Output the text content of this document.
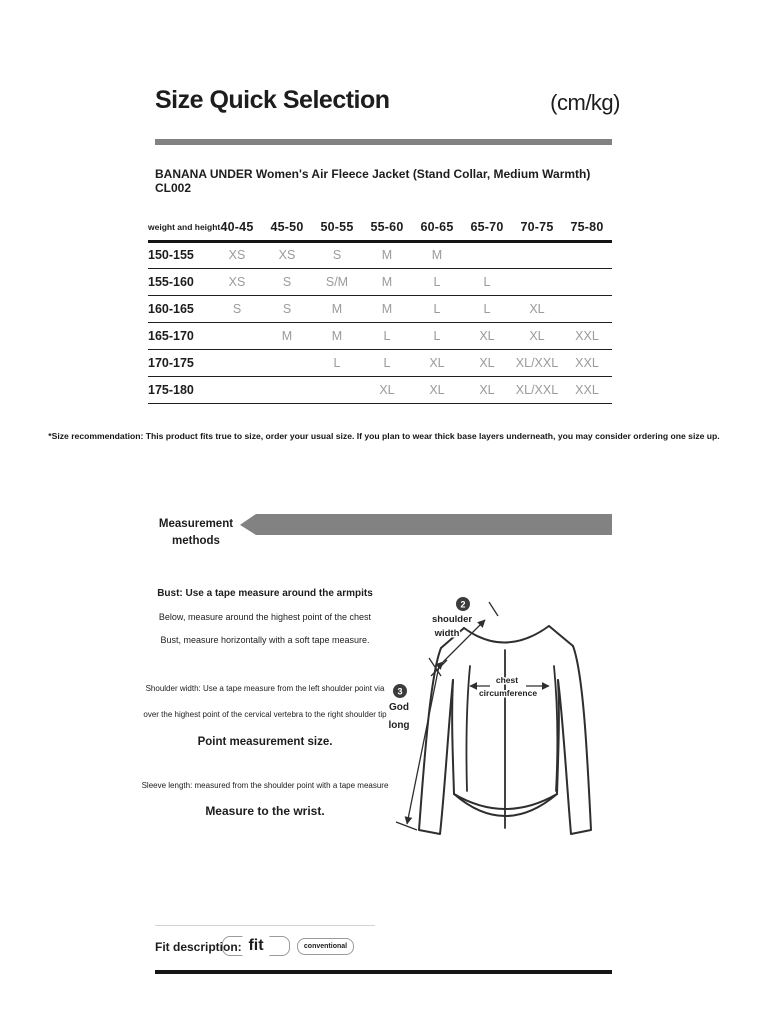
Size Quick Selection	(cm/kg)
BANANA UNDER Women's Air Fleece Jacket (Stand Collar, Medium Warmth) CL002
weight and height	40-45	45-50	50-55	55-60	60-65	65-70	70-75	75-80
150-155	XS	XS	S	M	M			
155-160	XS	S	S/M	M	L	L		
160-165	S	S	M	M	L	L	XL	
165-170		M	M	L	L	XL	XL	XXL
170-175			L	L	XL	XL	XL/XXL	XXL
175-180				XL	XL	XL	XL/XXL	XXL
*Size recommendation: This product fits true to size, order your usual size. If you plan to wear thick base layers underneath, you may consider ordering one size up.
Measurement
methods
Bust: Use a tape measure around the armpits
Below, measure around the highest point of the chest
Bust, measure horizontally with a soft tape measure.
Shoulder width: Use a tape measure from the left shoulder point via
over the highest point of the cervical vertebra to the right shoulder tip
Point measurement size.
Sleeve length: measured from the shoulder point with a tape measure
Measure to the wrist.
2
shoulder
width
3
God
long
chest
circumference
Fit description: fit	conventional
